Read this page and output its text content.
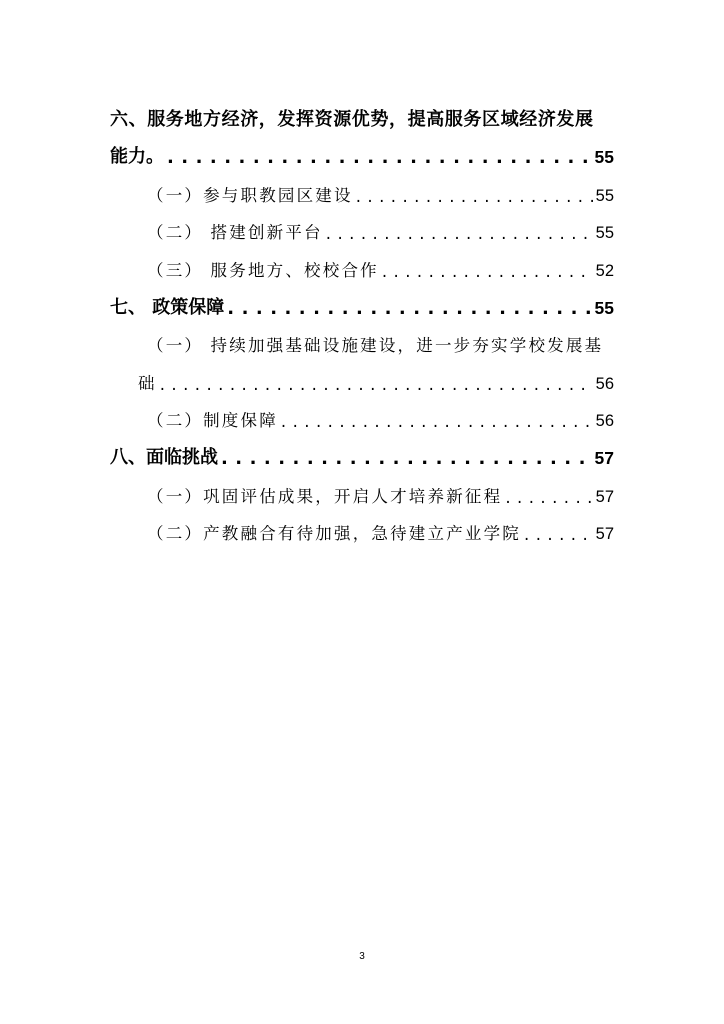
六、服务地方经济，发挥资源优势，提高服务区域经济发展
能力。 . . .	55
（一）参与职教园区建设 . . .	55
（二） 搭建创新平台 . . .	55
（三） 服务地方、校校合作 . . .	52
七、 政策保障 . . .	55
（一） 持续加强基础设施建设，进一步夯实学校发展基
础 . . .	56
（二）制度保障 . . .	56
八、面临挑战 . . .	57
（一）巩固评估成果，开启人才培养新征程 . . .	57
（二）产教融合有待加强，急待建立产业学院 . . .	57
3
